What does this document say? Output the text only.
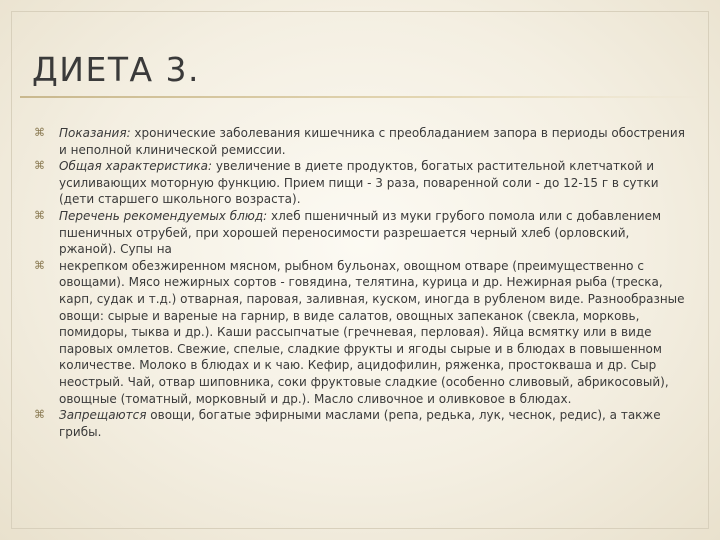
ДИЕТА 3.
⌘ Показания: хронические заболевания кишечника с преобладанием запора в периоды обострения и неполной клинической ремиссии.
⌘ Общая характеристика: увеличение в диете продуктов, богатых растительной клетчаткой и усиливающих моторную функцию. Прием пищи - 3 раза, поваренной соли - до 12-15 г в сутки (дети старшего школьного возраста).
⌘ Перечень рекомендуемых блюд: хлеб пшеничный из муки грубого помола или с добавлением пшеничных отрубей, при хорошей переносимости разрешается черный хлеб (орловский, ржаной). Супы на
⌘ некрепком обезжиренном мясном, рыбном бульонах, овощном отваре (преимущественно с овощами). Мясо нежирных сортов - говядина, телятина, курица и др. Нежирная рыба (треска, карп, судак и т.д.) отварная, паровая, заливная, куском, иногда в рубленом виде. Разнообразные овощи: сырые и вареные на гарнир, в виде салатов, овощных запеканок (свекла, морковь, помидоры, тыква и др.). Каши рассыпчатые (гречневая, перловая). Яйца всмятку или в виде паровых омлетов. Свежие, спелые, сладкие фрукты и ягоды сырые и в блюдах в повышенном количестве. Молоко в блюдах и к чаю. Кефир, ацидофилин, ряженка, простокваша и др. Сыр неострый. Чай, отвар шиповника, соки фруктовые сладкие (особенно сливовый, абрикосовый), овощные (томатный, морковный и др.). Масло сливочное и оливковое в блюдах.
⌘ Запрещаются овощи, богатые эфирными маслами (репа, редька, лук, чеснок, редис), а также грибы.
